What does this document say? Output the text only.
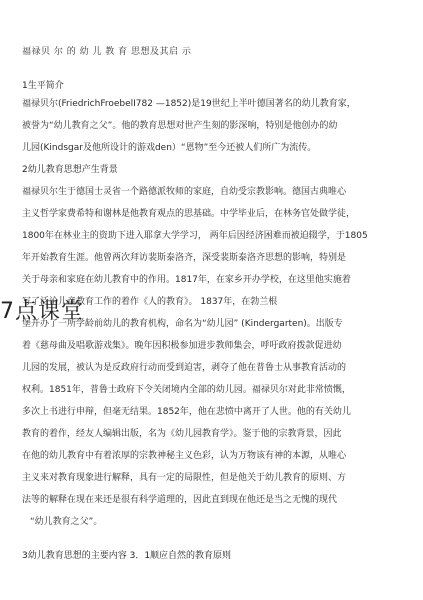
福禄贝 尔 的 幼 儿 教 育 思想及其启 示
1生平简介
福禄贝尔(FriedrichFroebelⅠ782 —1852)是19世纪上半叶德国著名的幼儿教育家，
被誉为“幼儿教育之父”。他的教育思想对世产生刻的影深响，特别是他创办的幼
儿园(Kindsgar及他所设计的游戏den）“恩物”至今还被人们所广为流传。
2幼儿教育思想产生背景
福禄贝尔生于德国士灵省一个路德派牧师的家庭，自幼受宗教影响。德国古典唯心
主义哲学家费希特和谢林是他教育观点的思基础。中学毕业后，在林务官处做学徒，
1800年在林业主的资助下进入耶拿大学学习， 两年后因经济困难而被迫辍学，于1805
年开始教育生涯。他曾两次拜访裴斯泰洛齐，深受裴斯泰洛齐思想的影响，特别是
关于母亲和家庭在幼儿教育中的作用。1817年，在家乡开办学校，在这里他实施着
写了泛论儿童教育工作的着作《人的教育》。 1837年，在勃兰根
堡开办了一所学龄前幼儿的教育机构，命名为“幼儿园” (Kindergarten)。出版专
着《慈母曲及唱歌游戏集》。晚年因积极参加进步教师集会，呼吁政府拨款促进幼
儿园的发展，被认为是反政府行动而受到迫害，剥夺了他在普鲁士从事教育活动的
权利。1851年，普鲁士政府下令关闭境内全部的幼儿园。福禄贝尔对此非常愤慨，
多次上书进行申辩，但毫无结果。1852年，他在悲愤中离开了人世。他的有关幼儿
教育的着作，经友人编辑出版，名为《幼儿园教育学》。鉴于他的宗教背景，因此
在他的幼儿教育中有着浓厚的宗教神秘主义色彩，认为万物该有神的本源，从唯心
主义来对教育现象进行解释，具有一定的局限性，但是他关于幼儿教育的原则、方
法等的解释在现在来还是很有科学道理的，因此直到现在他还是当之无愧的现代
“幼儿教育之父”。
3幼儿教育思想的主要内容 3．1顺应自然的教育原则
7点课堂
